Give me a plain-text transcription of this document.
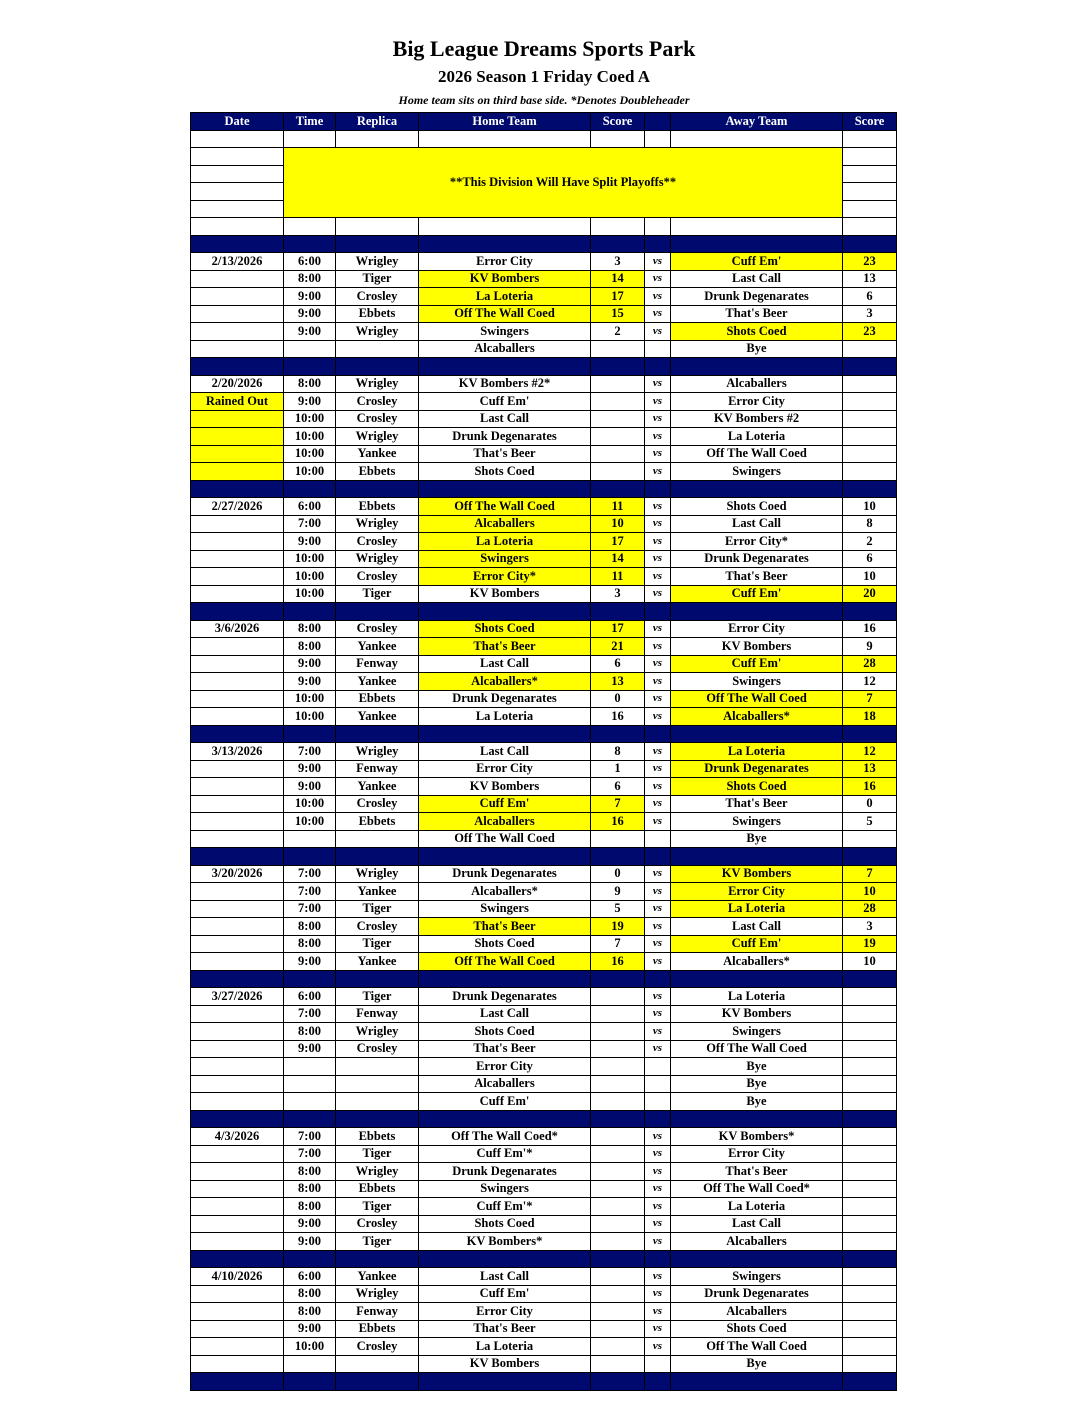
Big League Dreams Sports Park
2026 Season 1 Friday Coed A
Home team sits on third base side. *Denotes Doubleheader
Date	Time	Replica	Home Team	Score		Away Team	Score

	**This Division Will Have Split Playoffs**						

2/13/2026	6:00	Wrigley	Error City	3	vs	Cuff Em'	23
	8:00	Tiger	KV Bombers	14	vs	Last Call	13
	9:00	Crosley	La Loteria	17	vs	Drunk Degenarates	6
	9:00	Ebbets	Off The Wall Coed	15	vs	That's Beer	3
	9:00	Wrigley	Swingers	2	vs	Shots Coed	23
			Alcaballers			Bye	

2/20/2026	8:00	Wrigley	KV Bombers #2*		vs	Alcaballers	
Rained Out	9:00	Crosley	Cuff Em'		vs	Error City	
	10:00	Crosley	Last Call		vs	KV Bombers #2	
	10:00	Wrigley	Drunk Degenarates		vs	La Loteria	
	10:00	Yankee	That's Beer		vs	Off The Wall Coed	
	10:00	Ebbets	Shots Coed		vs	Swingers	

2/27/2026	6:00	Ebbets	Off The Wall Coed	11	vs	Shots Coed	10
	7:00	Wrigley	Alcaballers	10	vs	Last Call	8
	9:00	Crosley	La Loteria	17	vs	Error City*	2
	10:00	Wrigley	Swingers	14	vs	Drunk Degenarates	6
	10:00	Crosley	Error City*	11	vs	That's Beer	10
	10:00	Tiger	KV Bombers	3	vs	Cuff Em'	20

3/6/2026	8:00	Crosley	Shots Coed	17	vs	Error City	16
	8:00	Yankee	That's Beer	21	vs	KV Bombers	9
	9:00	Fenway	Last Call	6	vs	Cuff Em'	28
	9:00	Yankee	Alcaballers*	13	vs	Swingers	12
	10:00	Ebbets	Drunk Degenarates	0	vs	Off The Wall Coed	7
	10:00	Yankee	La Loteria	16	vs	Alcaballers*	18

3/13/2026	7:00	Wrigley	Last Call	8	vs	La Loteria	12
	9:00	Fenway	Error City	1	vs	Drunk Degenarates	13
	9:00	Yankee	KV Bombers	6	vs	Shots Coed	16
	10:00	Crosley	Cuff Em'	7	vs	That's Beer	0
	10:00	Ebbets	Alcaballers	16	vs	Swingers	5
			Off The Wall Coed			Bye	

3/20/2026	7:00	Wrigley	Drunk Degenarates	0	vs	KV Bombers	7
	7:00	Yankee	Alcaballers*	9	vs	Error City	10
	7:00	Tiger	Swingers	5	vs	La Loteria	28
	8:00	Crosley	That's Beer	19	vs	Last Call	3
	8:00	Tiger	Shots Coed	7	vs	Cuff Em'	19
	9:00	Yankee	Off The Wall Coed	16	vs	Alcaballers*	10

3/27/2026	6:00	Tiger	Drunk Degenarates		vs	La Loteria	
	7:00	Fenway	Last Call		vs	KV Bombers	
	8:00	Wrigley	Shots Coed		vs	Swingers	
	9:00	Crosley	That's Beer		vs	Off The Wall Coed	
			Error City			Bye	
			Alcaballers			Bye	
			Cuff Em'			Bye	

4/3/2026	7:00	Ebbets	Off The Wall Coed*		vs	KV Bombers*	
	7:00	Tiger	Cuff Em'*		vs	Error City	
	8:00	Wrigley	Drunk Degenarates		vs	That's Beer	
	8:00	Ebbets	Swingers		vs	Off The Wall Coed*	
	8:00	Tiger	Cuff Em'*		vs	La Loteria	
	9:00	Crosley	Shots Coed		vs	Last Call	
	9:00	Tiger	KV Bombers*		vs	Alcaballers	

4/10/2026	6:00	Yankee	Last Call		vs	Swingers	
	8:00	Wrigley	Cuff Em'		vs	Drunk Degenarates	
	8:00	Fenway	Error City		vs	Alcaballers	
	9:00	Ebbets	That's Beer		vs	Shots Coed	
	10:00	Crosley	La Loteria		vs	Off The Wall Coed	
			KV Bombers			Bye	
